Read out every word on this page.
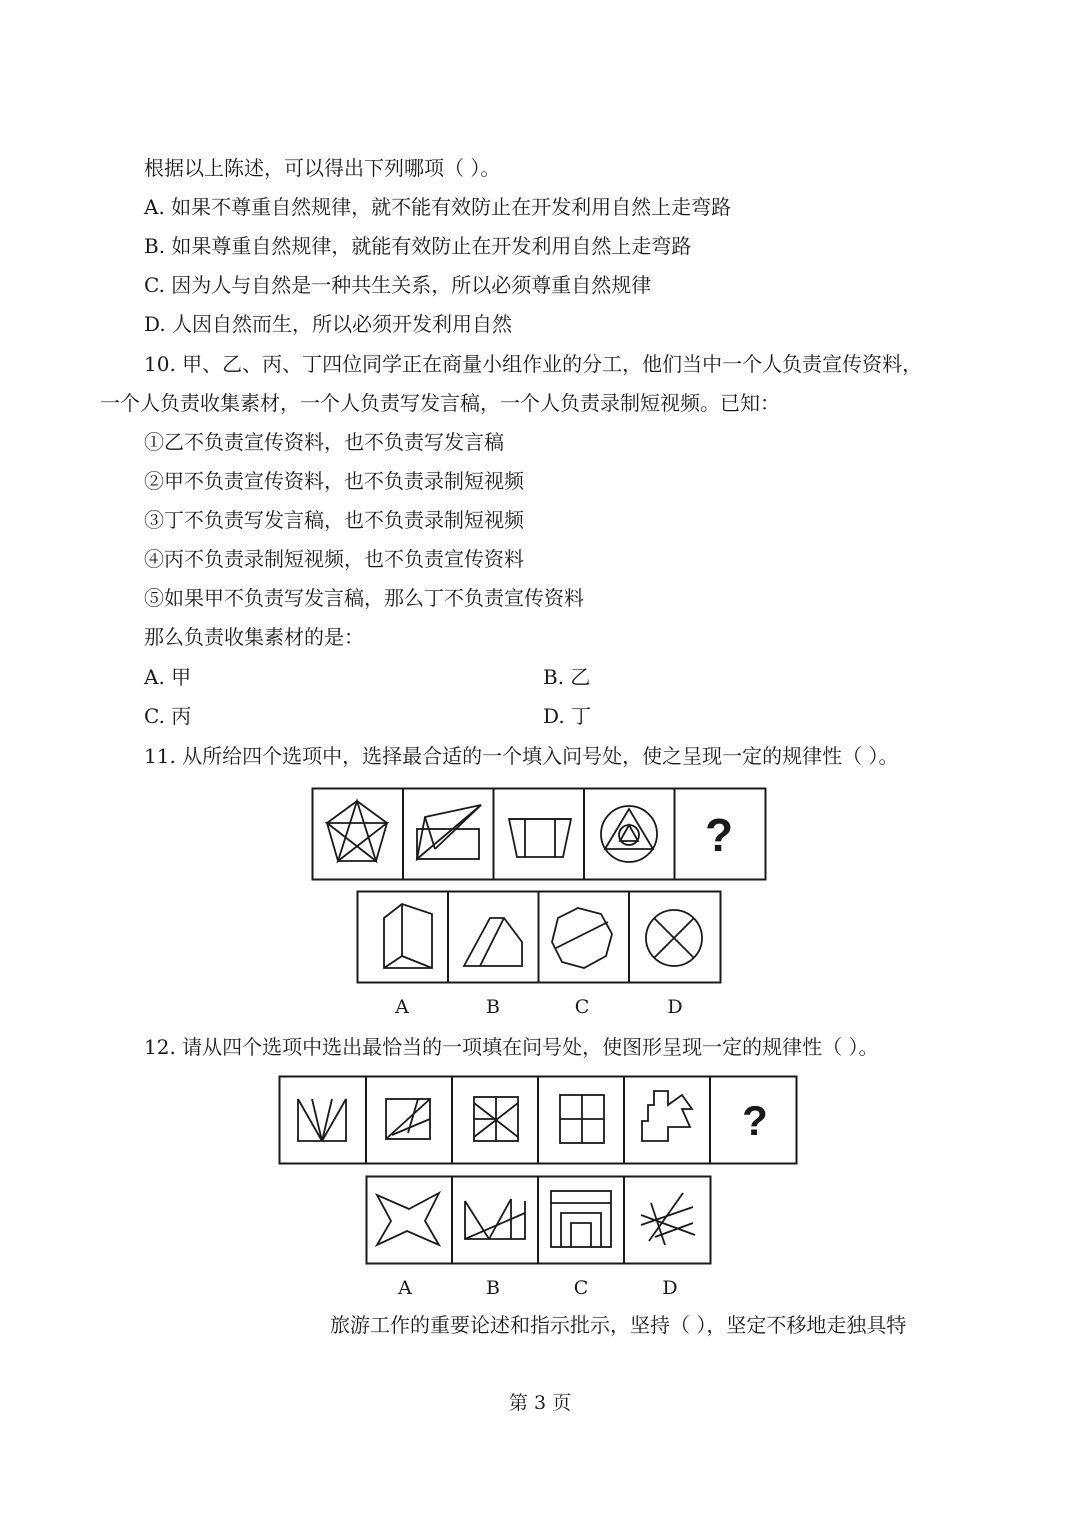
根据以上陈述，可以得出下列哪项（ ）。
A. 如果不尊重自然规律，就不能有效防止在开发利用自然上走弯路
B. 如果尊重自然规律，就能有效防止在开发利用自然上走弯路
C. 因为人与自然是一种共生关系，所以必须尊重自然规律
D. 人因自然而生，所以必须开发利用自然
10. 甲、乙、丙、丁四位同学正在商量小组作业的分工，他们当中一个人负责宣传资料，
一个人负责收集素材，一个人负责写发言稿，一个人负责录制短视频。已知：
①乙不负责宣传资料，也不负责写发言稿
②甲不负责宣传资料，也不负责录制短视频
③丁不负责写发言稿，也不负责录制短视频
④丙不负责录制短视频，也不负责宣传资料
⑤如果甲不负责写发言稿，那么丁不负责宣传资料
那么负责收集素材的是：
A. 甲	B. 乙
C. 丙	D. 丁
11. 从所给四个选项中，选择最合适的一个填入问号处，使之呈现一定的规律性（ ）。
?
A	B	C	D
12. 请从四个选项中选出最恰当的一项填在问号处，使图形呈现一定的规律性（ ）。
?
A	B	C	D
旅游工作的重要论述和指示批示，坚持（ ），坚定不移地走独具特
第 3 页
